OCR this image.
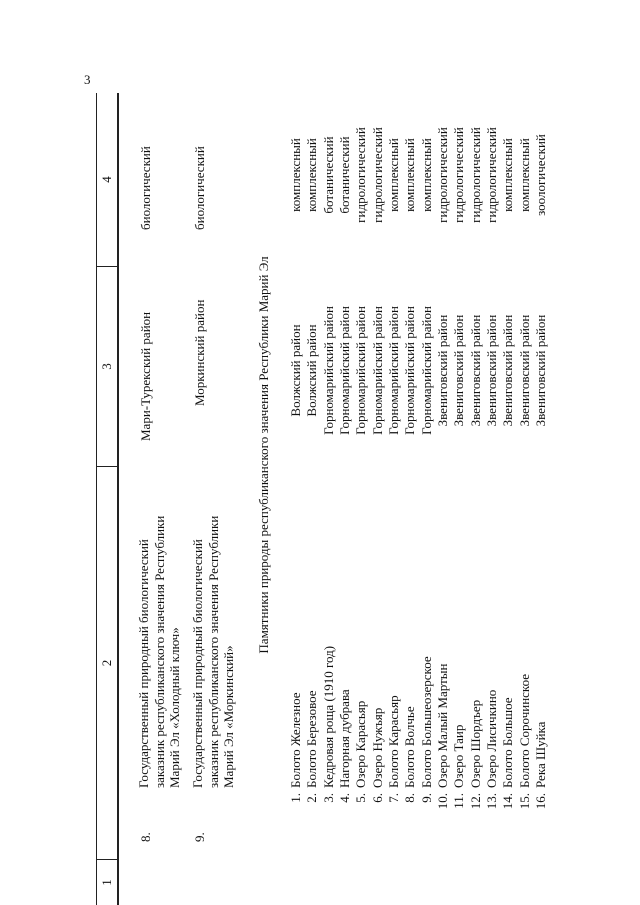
3
1
2
3
4
8.
Государственный природный биологический заказник республиканского значения Республики Марий Эл «Холодный ключ»
Мари-Турекский район
биологический
9.
Государственный природный биологический заказник республиканского значения Республики Марий Эл «Моркинский»
Моркинский район
биологический
Памятники природы республиканского значения Республики Марий Эл
1. 2. 3. 4. 5. 6. 7. 8. 9. 10. 11. 12. 13. 14. 15. 16.
Болото Железное Болото Березовое Кедровая роща (1910 год) Нагорная дубрава Озеро Карасьяр Озеро Нужъяр Болото Карасьяр Болото Волчье Болото Большеозерское Озеро Малый Мартын Озеро Таир Озеро Шордъер Озеро Лисичкино Болото Большое Болото Сорочинское Река Шуйка
Волжский район Волжский район Горномарийский район Горномарийский район Горномарийский район Горномарийский район Горномарийский район Горномарийский район Горномарийский район Звениговский район Звениговский район Звениговский район Звениговский район Звениговский район Звениговский район Звениговский район
комплексный комплексный ботанический ботанический гидрологический гидрологический комплексный комплексный комплексный гидрологический гидрологический гидрологический гидрологический комплексный комплексный зоологический
